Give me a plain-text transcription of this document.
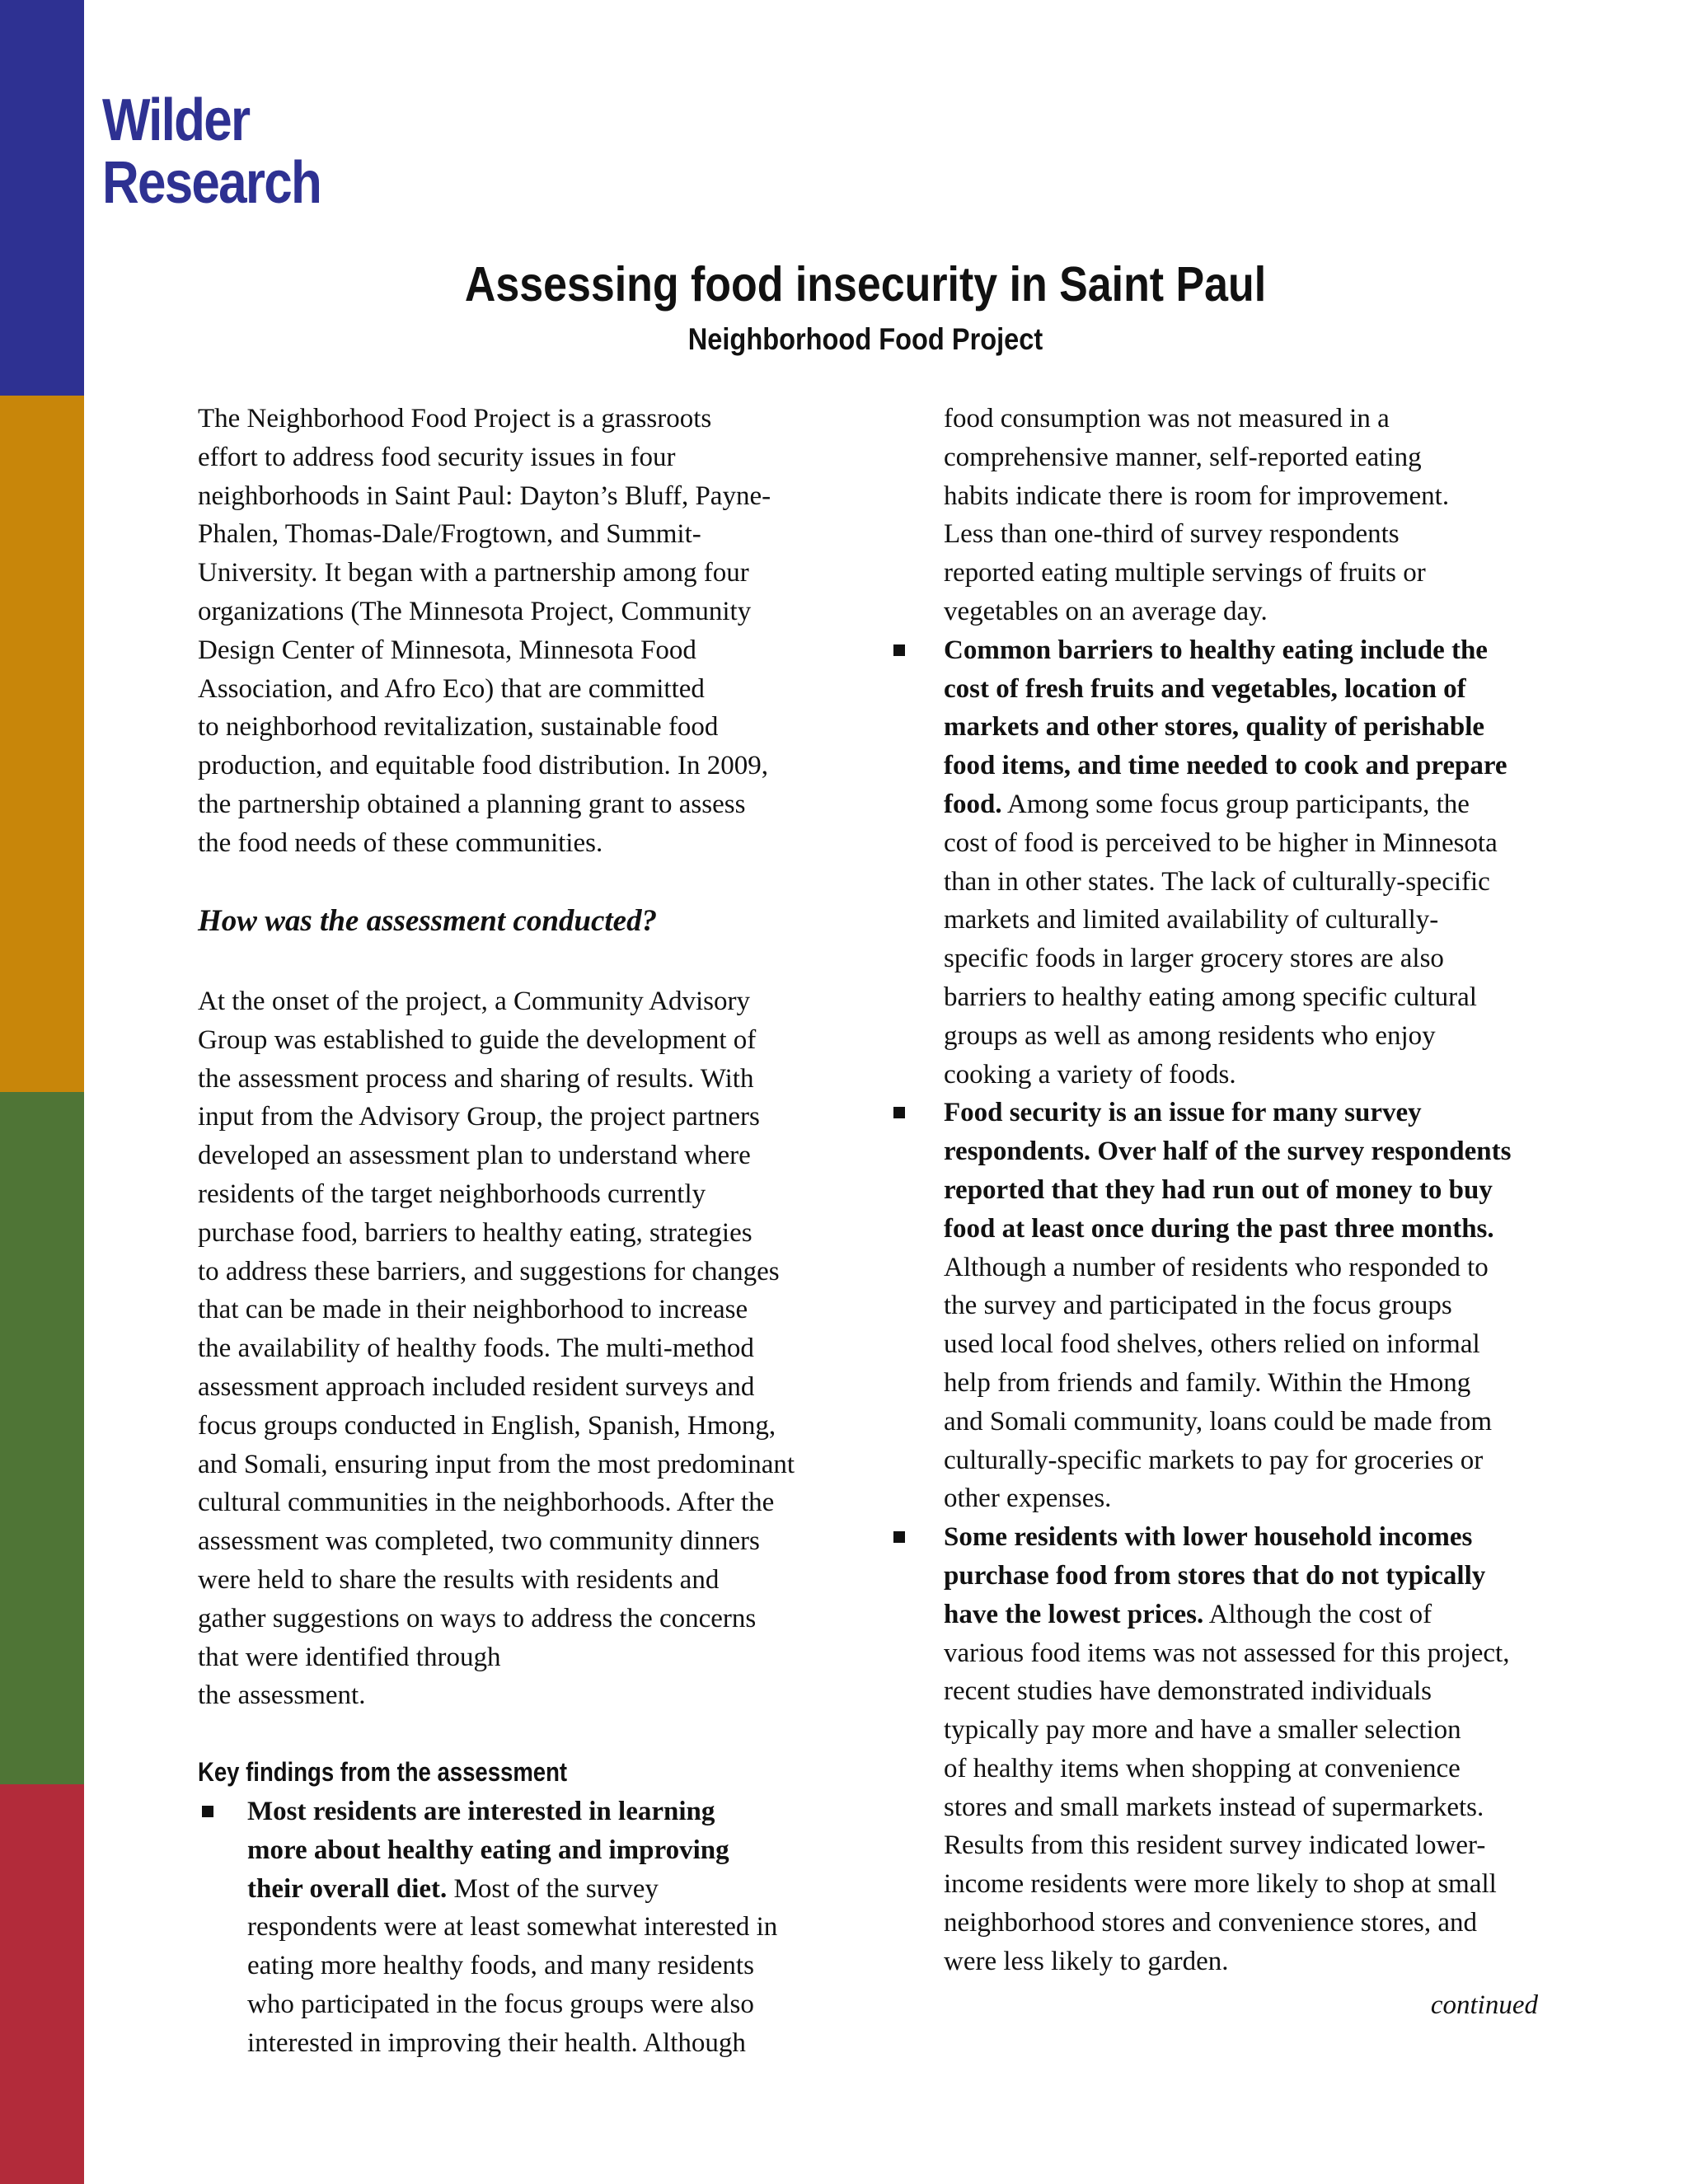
Wilder
Research
Assessing food insecurity in Saint Paul
Neighborhood Food Project

The Neighborhood Food Project is a grassroots
effort to address food security issues in four
neighborhoods in Saint Paul: Dayton’s Bluff, Payne-
Phalen, Thomas-Dale/Frogtown, and Summit-
University. It began with a partnership among four
organizations (The Minnesota Project, Community
Design Center of Minnesota, Minnesota Food
Association, and Afro Eco) that are committed
to neighborhood revitalization, sustainable food
production, and equitable food distribution. In 2009,
the partnership obtained a planning grant to assess
the food needs of these communities.

How was the assessment conducted?

At the onset of the project, a Community Advisory
Group was established to guide the development of
the assessment process and sharing of results. With
input from the Advisory Group, the project partners
developed an assessment plan to understand where
residents of the target neighborhoods currently
purchase food, barriers to healthy eating, strategies
to address these barriers, and suggestions for changes
that can be made in their neighborhood to increase
the availability of healthy foods. The multi-method
assessment approach included resident surveys and
focus groups conducted in English, Spanish, Hmong,
and Somali, ensuring input from the most predominant
cultural communities in the neighborhoods. After the
assessment was completed, two community dinners
were held to share the results with residents and
gather suggestions on ways to address the concerns
that were identified through
the assessment.

Key findings from the assessment
Most residents are interested in learning
more about healthy eating and improving
their overall diet. Most of the survey
respondents were at least somewhat interested in
eating more healthy foods, and many residents
who participated in the focus groups were also
interested in improving their health. Although
food consumption was not measured in a
comprehensive manner, self-reported eating
habits indicate there is room for improvement.
Less than one-third of survey respondents
reported eating multiple servings of fruits or
vegetables on an average day.
Common barriers to healthy eating include the
cost of fresh fruits and vegetables, location of
markets and other stores, quality of perishable
food items, and time needed to cook and prepare
food. Among some focus group participants, the
cost of food is perceived to be higher in Minnesota
than in other states. The lack of culturally-specific
markets and limited availability of culturally-
specific foods in larger grocery stores are also
barriers to healthy eating among specific cultural
groups as well as among residents who enjoy
cooking a variety of foods.
Food security is an issue for many survey
respondents. Over half of the survey respondents
reported that they had run out of money to buy
food at least once during the past three months.
Although a number of residents who responded to
the survey and participated in the focus groups
used local food shelves, others relied on informal
help from friends and family. Within the Hmong
and Somali community, loans could be made from
culturally-specific markets to pay for groceries or
other expenses.
Some residents with lower household incomes
purchase food from stores that do not typically
have the lowest prices. Although the cost of
various food items was not assessed for this project,
recent studies have demonstrated individuals
typically pay more and have a smaller selection
of healthy items when shopping at convenience
stores and small markets instead of supermarkets.
Results from this resident survey indicated lower-
income residents were more likely to shop at small
neighborhood stores and convenience stores, and
were less likely to garden.

continued
